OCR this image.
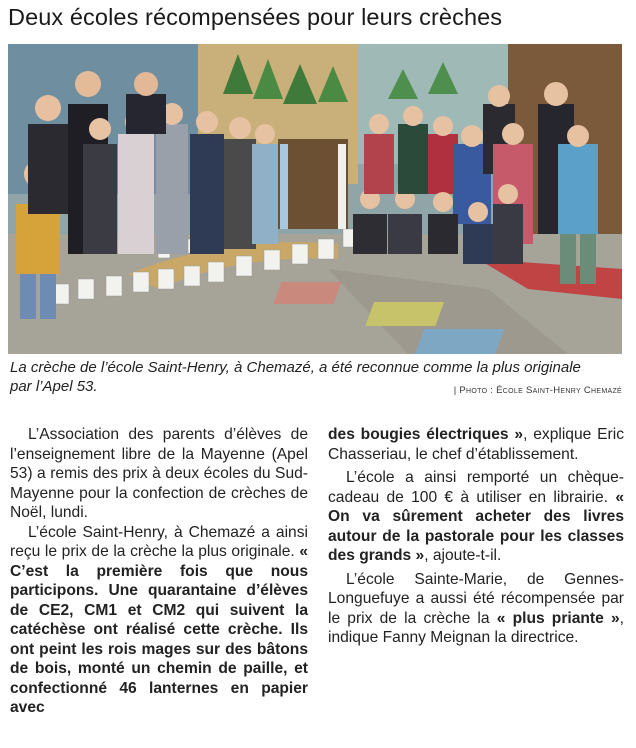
Deux écoles récompensées pour leurs crèches
La crèche de l’école Saint-Henry, à Chemazé, a été reconnue comme la plus originale par l’Apel 53.	| Photo : École Saint-Henry Chemazé

L’Association des parents d’élèves de l’enseignement libre de la Mayenne (Apel 53) a remis des prix à deux écoles du Sud-Mayenne pour la confection de crèches de Noël, lundi.

L’école Saint-Henry, à Chemazé a ainsi reçu le prix de la crèche la plus originale. « C’est la première fois que nous participons. Une quarantaine d’élèves de CE2, CM1 et CM2 qui suivent la catéchèse ont réalisé cette crèche. Ils ont peint les rois mages sur des bâtons de bois, monté un chemin de paille, et confectionné 46 lanternes en papier avec

des bougies électriques », explique Eric Chasseriau, le chef d’établissement.

L’école a ainsi remporté un chèque-cadeau de 100 € à utiliser en librairie. « On va sûrement acheter des livres autour de la pastorale pour les classes des grands », ajoute-t-il.

L’école Sainte-Marie, de Gennes-Longuefuye a aussi été récompensée par le prix de la crèche la « plus priante », indique Fanny Meignan la directrice.
